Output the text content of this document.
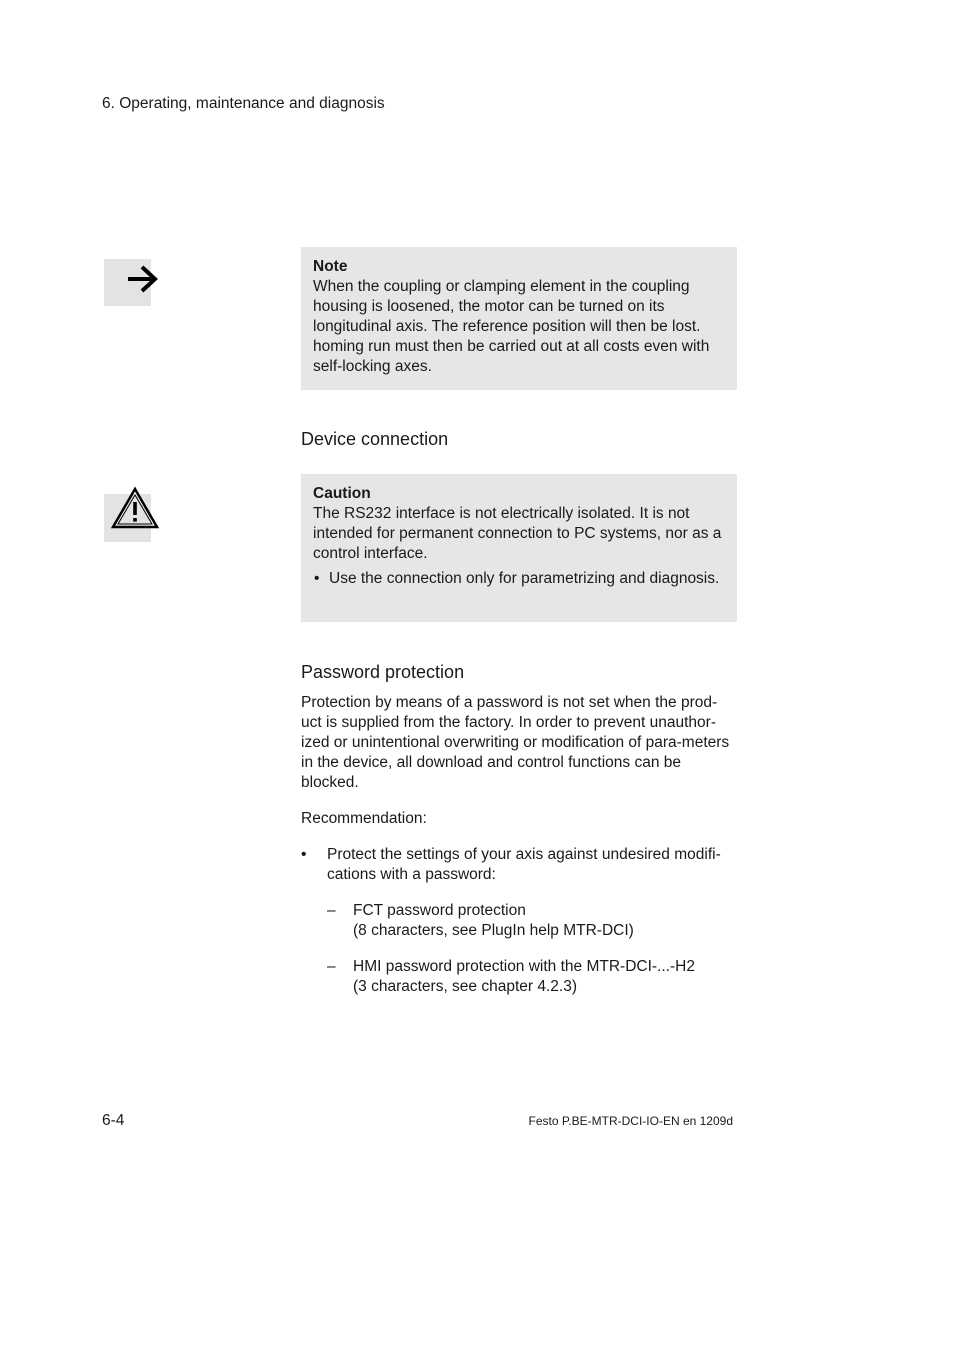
6. Operating, maintenance and diagnosis
Note
When the coupling or clamping element in the coupling housing is loosened, the motor can be turned on its longitudinal axis. The reference position will then be lost. homing run must then be carried out at all costs even with self-locking axes.
Device connection
Caution
The RS232 interface is not electrically isolated. It is not intended for permanent connection to PC systems, nor as a control interface.
• Use the connection only for parametrizing and diagnosis.
Password protection
Protection by means of a password is not set when the prod-uct is supplied from the factory. In order to prevent unauthor-ized or unintentional overwriting or modification of para-meters in the device, all download and control functions can be blocked.
Recommendation:
• Protect the settings of your axis against undesired modifi-cations with a password:
– FCT password protection
(8 characters, see PlugIn help MTR-DCI)
– HMI password protection with the MTR-DCI-...-H2
(3 characters, see chapter 4.2.3)
6-4	Festo P.BE-MTR-DCI-IO-EN en 1209d
